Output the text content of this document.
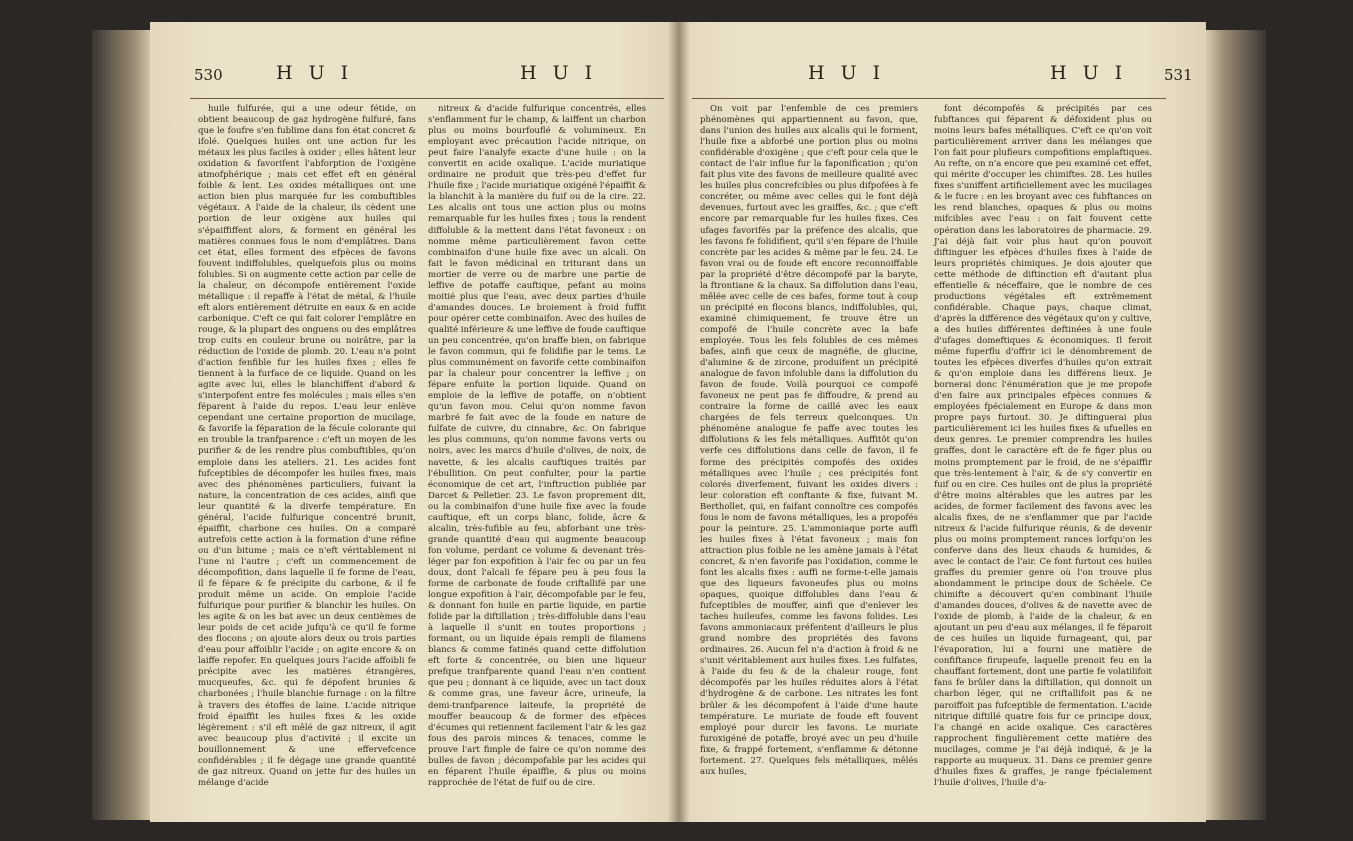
530	H U I	H U I

huile fulfurée, qui a une odeur fétide, on obtient beaucoup de gaz hydrogène fulfuré, fans que le foufre s'en fublime dans fon état concret & ifolé. Quelques huiles ont une action fur les métaux les plus faciles à oxider ; elles hâtent leur oxidation & favorifent l'abforption de l'oxigène atmofphérique ; mais cet effet eft en général foible & lent. Les oxides métalliques ont une action bien plus marquée fur les combuftibles végétaux. A l'aide de la chaleur, ils cèdent une portion de leur oxigène aux huiles qui s'épaiffiffent alors, & forment en général les matières connues fous le nom d'emplâtres. Dans cet état, elles forment des efpèces de favons fouvent indiffolubles, quelquefois plus ou moins folubles. Si on augmente cette action par celle de la chaleur, on décompofe entièrement l'oxide métallique : il repaffe à l'état de métal, & l'huile eft alors entièrement détruite en eaux & en acide carbonique. C'eft ce qui fait colorer l'emplâtre en rouge, & la plupart des onguens ou des emplâtres trop cuits en couleur brune ou noirâtre, par la réduction de l'oxide de plomb. 20. L'eau n'a point d'action fenfible fur les huiles fixes ; elles fe tiennent à la furface de ce liquide. Quand on les agite avec lui, elles le blanchiffent d'abord & s'interpofent entre fes molécules ; mais elles s'en féparent à l'aide du repos. L'eau leur enlève cependant une certaine proportion de mucilage, & favorife la féparation de la fécule colorante qui en trouble la tranfparence : c'eft un moyen de les purifier & de les rendre plus combuftibles, qu'on emploie dans les ateliers. 21. Les acides font fufceptibles de décompofer les huiles fixes, mais avec des phénomènes particuliers, fuivant la nature, la concentration de ces acides, ainfi que leur quantité & la diverfe température. En général, l'acide fulfurique concentré brunit, épaiffit, charbone ces huiles. On a comparé autrefois cette action à la formation d'une réfine ou d'un bitume ; mais ce n'eft véritablement ni l'une ni l'autre ; c'eft un commencement de décompofition, dans laquelle il fe forme de l'eau, il fe fépare & fe précipite du carbone, & il fe produit même un acide. On emploie l'acide fulfurique pour purifier & blanchir les huiles. On les agite & on les bat avec un deux centièmes de leur poids de cet acide jufqu'à ce qu'il fe forme des flocons ; on ajoute alors deux ou trois parties d'eau pour affoiblir l'acide ; on agite encore & on laiffe repofer. En quelques jours l'acide affoibli fe précipite avec les matières étrangères, mucqueufes, &c. qui fe dépofent brunies & charbonées ; l'huile blanchie furnage : on la filtre à travers des étoffes de laine. L'acide nitrique froid épaiffit les huiles fixes & les oxide légèrement : s'il eft mêlé de gaz nitreux, il agit avec beaucoup plus d'activité ; il excite un bouillonnement & une effervefcence confidérables ; il fe dégage une grande quantité de gaz nitreux. Quand on jette fur des huiles un mélange d'acide

nitreux & d'acide fulfurique concentrés, elles s'enflamment fur le champ, & laiffent un charbon plus ou moins bourfouflé & volumineux. En employant avec précaution l'acide nitrique, on peut faire l'analyfe exacte d'une huile : on la convertit en acide oxalique. L'acide muriatique ordinaire ne produit que très-peu d'effet fur l'huile fixe ; l'acide muriatique oxigéné l'épaiffit & la blanchit à la manière du fuif ou de la cire. 22. Les alcalis ont tous une action plus ou moins remarquable fur les huiles fixes ; tous la rendent diffoluble & la mettent dans l'état favoneux : on nomme même particulièrement favon cette combinaifon d'une huile fixe avec un alcali. On fait le favon médicinal en triturant dans un mortier de verre ou de marbre une partie de leffive de potaffe cauftique, pefant au moins moitié plus que l'eau, avec deux parties d'huile d'amandes douces. Le broiement à froid fuffit pour opérer cette combinaifon. Avec des huiles de qualité inférieure & une leffive de foude cauftique un peu concentrée, qu'on braffe bien, on fabrique le favon commun, qui fe folidifie par le tems. Le plus communément on favorife cette combinaifon par la chaleur pour concentrer la leffive ; on fépare enfuite la portion liquide. Quand on emploie de la leffive de potaffe, on n'obtient qu'un favon mou. Celui qu'on nomme favon marbré fe fait avec de la foude en nature de fulfate de cuivre, du cinnabre, &c. On fabrique les plus communs, qu'on nomme favons verts ou noirs, avec les marcs d'huile d'olives, de noix, de navette, & les alcalis cauftiques traités par l'ébullition. On peut confulter, pour la partie économique de cet art, l'inftruction publiée par Darcet & Pelletier. 23. Le favon proprement dit, ou la combinaifon d'une huile fixe avec la foude cauftique, eft un corps blanc, folide, âcre & alcalin, très-fufible au feu, abforbant une très-grande quantité d'eau qui augmente beaucoup fon volume, perdant ce volume & devenant très-léger par fon expofition à l'air fec ou par un feu doux, dont l'alcali fe fépare peu à peu fous la forme de carbonate de foude criftallifé par une longue expofition à l'air, décompofable par le feu, & donnant fon huile en partie liquide, en partie folide par la diftillation ; très-diffoluble dans l'eau à laquelle il s'unit en toutes proportions ; formant, ou un liquide épais rempli de filamens blancs & comme fatinés quand cette diffolution eft forte & concentrée, ou bien une liqueur prefque tranfparente quand l'eau n'en contient que peu ; donnant à ce liquide, avec un tact doux & comme gras, une faveur âcre, urineufe, la demi-tranfparence laiteufe, la propriété de mouffer beaucoup & de former des efpèces d'écumes qui retiennent facilement l'air & les gaz fous des parois minces & tenaces, comme le prouve l'art fimple de faire ce qu'on nomme des bulles de favon ; décompofable par les acides qui en féparent l'huile épaiffie, & plus ou moins rapprochée de l'état de fuif ou de cire.

H U I	H U I 531

On voit par l'enfemble de ces premiers phénomènes qui appartiennent au favon, que, dans l'union des huiles aux alcalis qui le forment, l'huile fixe a abforbé une portion plus ou moins confidérable d'oxigène ; que c'eft pour cela que le contact de l'air influe fur la faponification ; qu'on fait plus vite des favons de meilleure qualité avec les huiles plus concrefcibles ou plus difpofées à fe concréter, ou même avec celles qui le font déjà devenues, furtout avec les graiffes, &c. ; que c'eft encore par remarquable fur les huiles fixes. Ces ufages favorifés par la préfence des alcalis, que les favons fe folidifient, qu'il s'en fépare de l'huile concrète par les acides & même par le feu. 24. Le favon vrai ou de foude eft encore reconnoiffable par la propriété d'être décompofé par la baryte, la ftrontiane & la chaux. Sa diffolution dans l'eau, mêlée avec celle de ces bafes, forme tout à coup un précipité en flocons blancs, indiffolubles, qui, examiné chimiquement, fe trouve être un compofé de l'huile concrète avec la bafe employée. Tous les fels folubles de ces mêmes bafes, ainfi que ceux de magnéfie, de glucine, d'alumine & de zircone, produifent un précipité analogue de favon infoluble dans la diffolution du favon de foude. Voilà pourquoi ce compofé favoneux ne peut pas fe diffoudre, & prend au contraire la forme de caillé avec les eaux chargées de fels terreux quelconques. Un phénomène analogue fe paffe avec toutes les diffolutions & les fels métalliques. Auffitôt qu'on verfe ces diffolutions dans celle de favon, il fe forme des précipités compofés des oxides métalliques avec l'huile ; ces précipités font colorés diverfement, fuivant les oxides divers : leur coloration eft conftante & fixe, fuivant M. Berthollet, qui, en faifant connoître ces compofés fous le nom de favons métalliques, les a propofés pour la peinture. 25. L'ammoniaque porte auffi les huiles fixes à l'état favoneux ; mais fon attraction plus foible ne les amène jamais à l'état concret, & n'en favorife pas l'oxidation, comme le font les alcalis fixes : auffi ne forme-t-elle jamais que des liqueurs favoneufes plus ou moins opaques, quoique diffolubles dans l'eau & fufceptibles de mouffer, ainfi que d'enlever les taches huileufes, comme les favons folides. Les favons ammoniacaux préfentent d'ailleurs le plus grand nombre des propriétés des favons ordinaires. 26. Aucun fel n'a d'action à froid & ne s'unit véritablement aux huiles fixes. Les fulfates, à l'aide du feu & de la chaleur rouge, font décompofés par les huiles réduites alors à l'état d'hydrogène & de carbone. Les nitrates les font brûler & les décompofent à l'aide d'une haute température. Le muriate de foude eft fouvent employé pour durcir les favons. Le muriate furoxigéné de potaffe, broyé avec un peu d'huile fixe, & frappé fortement, s'enflamme & détonne fortement. 27. Quelques fels métalliques, mêlés aux huiles,

font décompofés & précipités par ces fubftances qui féparent & défoxident plus ou moins leurs bafes métalliques. C'eft ce qu'on voit particulièrement arriver dans les mélanges que l'on fait pour plufieurs compofitions emplaftiques. Au refte, on n'a encore que peu examiné cet effet, qui mérite d'occuper les chimiftes. 28. Les huiles fixes s'uniffent artificiellement avec les mucilages & le fucre : en les broyant avec ces fubftances on les rend blanches, opaques & plus ou moins mifcibles avec l'eau : on fait fouvent cette opération dans les laboratoires de pharmacie. 29. J'ai déjà fait voir plus haut qu'on pouvoit diftinguer les efpèces d'huiles fixes à l'aide de leurs propriétés chimiques. Je dois ajouter que cette méthode de diftinction eft d'autant plus effentielle & néceffaire, que le nombre de ces productions végétales eft extrêmement confidérable. Chaque pays, chaque climat, d'après la différence des végétaux qu'on y cultive, a des huiles différentes deftinées à une foule d'ufages domeftiques & économiques. Il feroit même fuperflu d'offrir ici le dénombrement de toutes les efpèces diverfes d'huiles qu'on extrait & qu'on emploie dans les différens lieux. Je bornerai donc l'énumération que je me propofe d'en faire aux principales efpèces connues & employées fpécialement en Europe & dans mon propre pays furtout. 30. Je diftinguerai plus particulièrement ici les huiles fixes & ufuelles en deux genres. Le premier comprendra les huiles graffes, dont le caractère eft de fe figer plus ou moins promptement par le froid, de ne s'épaiffir que très-lentement à l'air, & de s'y convertir en fuif ou en cire. Ces huiles ont de plus la propriété d'être moins altérables que les autres par les acides, de former facilement des favons avec les alcalis fixes, de ne s'enflammer que par l'acide nitreux & l'acide fulfurique réunis, & de devenir plus ou moins promptement rances lorfqu'on les conferve dans des lieux chauds & humides, & avec le contact de l'air. Ce font furtout ces huiles graffes du premier genre où l'on trouve plus abondamment le principe doux de Schéele. Ce chimifte a découvert qu'en combinant l'huile d'amandes douces, d'olives & de navette avec de l'oxide de plomb, à l'aide de la chaleur, & en ajoutant un peu d'eau aux mélanges, il fe féparoit de ces huiles un liquide furnageant, qui, par l'évaporation, lui a fourni une matière de confiftance firupeufe, laquelle prenoit feu en la chauffant fortement, dont une partie fe volatilifoit fans fe brûler dans la diftillation, qui donnoit un charbon léger, qui ne criftallifoit pas & ne paroiffoit pas fufceptible de fermentation. L'acide nitrique diftillé quatre fois fur ce principe doux, l'a changé en acide oxalique. Ces caractères rapprochent fingulièrement cette matière des mucilages, comme je l'ai déjà indiqué, & je la rapporte au muqueux. 31. Dans ce premier genre d'huiles fixes & graffes, je range fpécialement l'huile d'olives, l'huile d'a-

X x x 2
